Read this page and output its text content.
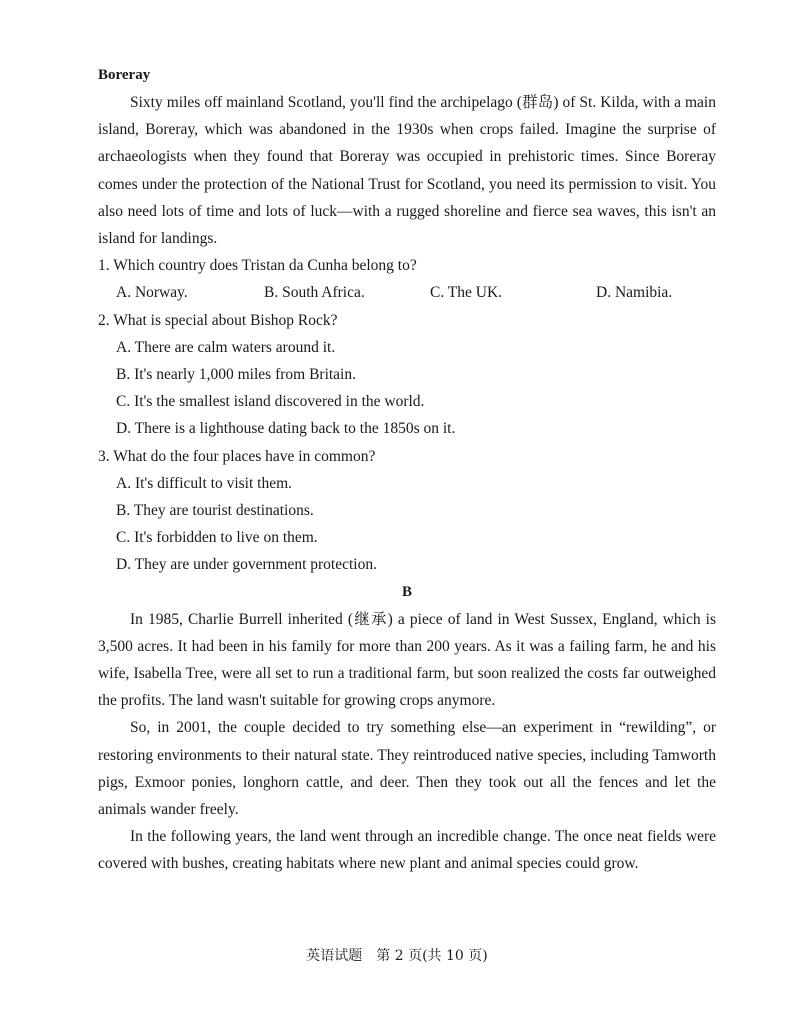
Boreray

Sixty miles off mainland Scotland, you'll find the archipelago (群岛) of St. Kilda, with a main island, Boreray, which was abandoned in the 1930s when crops failed. Imagine the surprise of archaeologists when they found that Boreray was occupied in prehistoric times. Since Boreray comes under the protection of the National Trust for Scotland, you need its permission to visit. You also need lots of time and lots of luck—with a rugged shoreline and fierce sea waves, this isn't an island for landings.

1. Which country does Tristan da Cunha belong to?

A. Norway.	B. South Africa.	C. The UK.	D. Namibia.

2. What is special about Bishop Rock?

A. There are calm waters around it.

B. It's nearly 1,000 miles from Britain.

C. It's the smallest island discovered in the world.

D. There is a lighthouse dating back to the 1850s on it.

3. What do the four places have in common?

A. It's difficult to visit them.

B. They are tourist destinations.

C. It's forbidden to live on them.

D. They are under government protection.

B

In 1985, Charlie Burrell inherited (继承) a piece of land in West Sussex, England, which is 3,500 acres. It had been in his family for more than 200 years. As it was a failing farm, he and his wife, Isabella Tree, were all set to run a traditional farm, but soon realized the costs far outweighed the profits. The land wasn't suitable for growing crops anymore.

So, in 2001, the couple decided to try something else—an experiment in “rewilding”, or restoring environments to their natural state. They reintroduced native species, including Tamworth pigs, Exmoor ponies, longhorn cattle, and deer. Then they took out all the fences and let the animals wander freely.

In the following years, the land went through an incredible change. The once neat fields were covered with bushes, creating habitats where new plant and animal species could grow.

英语试题　第 2 页(共 10 页)
